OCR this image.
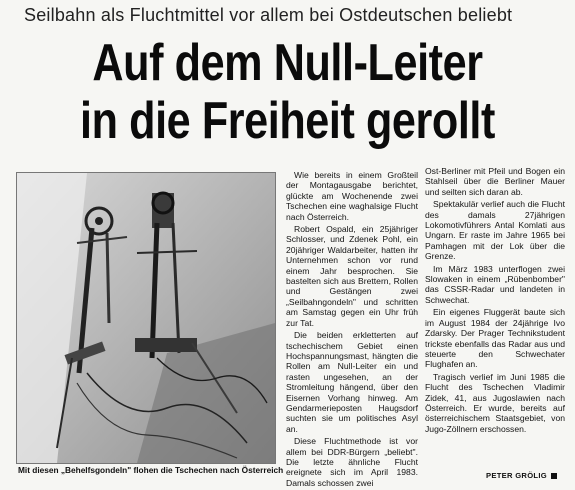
Seilbahn als Fluchtmittel vor allem bei Ostdeutschen beliebt
Auf dem Null-Leiter
in die Freiheit gerollt
Mit diesen „Behelfsgondeln" flohen die Tschechen nach Österreich

Wie bereits in einem Großteil der Montagausgabe berichtet, glückte am Wochenende zwei Tschechen eine waghalsige Flucht nach Österreich.

Robert Ospald, ein 25jähriger Schlosser, und Zdenek Pohl, ein 20jähriger Waldarbeiter, hatten ihr Unternehmen schon vor rund einem Jahr besprochen. Sie bastelten sich aus Brettern, Rollen und Gestängen zwei „Seilbahngondeln" und schritten am Samstag gegen ein Uhr früh zur Tat.

Die beiden erkletterten auf tschechischem Gebiet einen Hochspannungsmast, hängten die Rollen am Null-Leiter ein und rasten ungesehen, an der Stromleitung hängend, über den Eisernen Vorhang hinweg. Am Gendarmerieposten Haugsdorf suchten sie um politisches Asyl an.

Diese Fluchtmethode ist vor allem bei DDR-Bürgern „beliebt". Die letzte ähnliche Flucht ereignete sich im April 1983. Damals schossen zwei

Ost-Berliner mit Pfeil und Bogen ein Stahlseil über die Berliner Mauer und seilten sich daran ab.

Spektakulär verlief auch die Flucht des damals 27jährigen Lokomotivführers Antal Komlati aus Ungarn. Er raste im Jahre 1965 bei Pamhagen mit der Lok über die Grenze.

Im März 1983 unterflogen zwei Slowaken in einem „Rübenbomber" das CSSR-Radar und landeten in Schwechat.

Ein eigenes Fluggerät baute sich im August 1984 der 24jährige Ivo Zdarsky. Der Prager Technikstudent trickste ebenfalls das Radar aus und steuerte den Schwechater Flughafen an.

Tragisch verlief im Juni 1985 die Flucht des Tschechen Vladimir Zidek, 41, aus Jugoslawien nach Österreich. Er wurde, bereits auf österreichischem Staatsgebiet, von Jugo-Zöllnern erschossen.

PETER GRÖLIG
